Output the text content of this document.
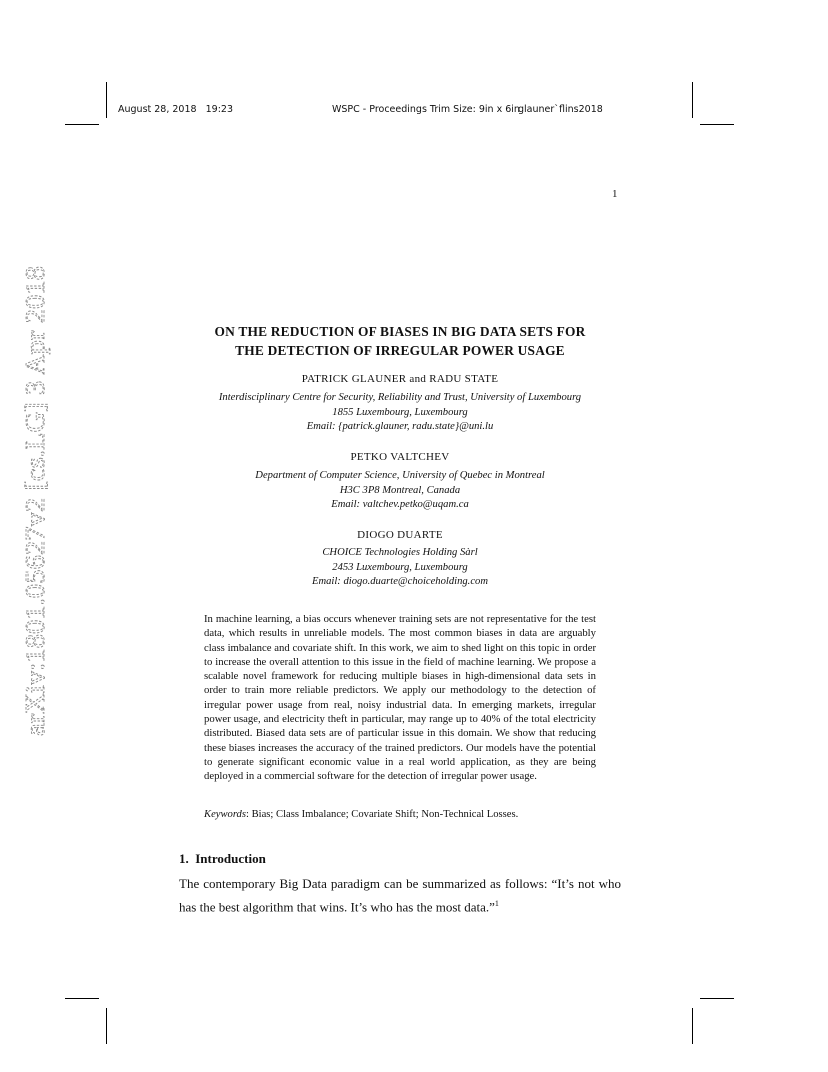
August 28, 2018 19:23	WSPC - Proceedings Trim Size: 9in x 6in
glauner`flins2018
1
arXiv:1801.05627v2 [cs.LG] 3 Apr 2018	ON THE REDUCTION OF BIASES IN BIG DATA SETS FOR
THE DETECTION OF IRREGULAR POWER USAGE
PATRICK GLAUNER and RADU STATE
Interdisciplinary Centre for Security, Reliability and Trust, University of Luxembourg
1855 Luxembourg, Luxembourg
Email: {patrick.glauner, radu.state}@uni.lu
PETKO VALTCHEV
Department of Computer Science, University of Quebec in Montreal
H3C 3P8 Montreal, Canada
Email: valtchev.petko@uqam.ca
DIOGO DUARTE
CHOICE Technologies Holding Sàrl
2453 Luxembourg, Luxembourg
Email: diogo.duarte@choiceholding.com

In machine learning, a bias occurs whenever training sets are not representative for the test data, which results in unreliable models. The most common biases in data are arguably class imbalance and covariate shift. In this work, we aim to shed light on this topic in order to increase the overall attention to this issue in the field of machine learning. We propose a scalable novel framework for reducing multiple biases in high-dimensional data sets in order to train more reliable predictors. We apply our methodology to the detection of irregular power usage from real, noisy industrial data. In emerging markets, irregular power usage, and electricity theft in particular, may range up to 40% of the total electricity distributed. Biased data sets are of particular issue in this domain. We show that reducing these biases increases the accuracy of the trained predictors. Our models have the potential to generate significant economic value in a real world application, as they are being deployed in a commercial software for the detection of irregular power usage.

Keywords: Bias; Class Imbalance; Covariate Shift; Non-Technical Losses.
1. Introduction
The contemporary Big Data paradigm can be summarized as follows: “It’s not who has the best algorithm that wins. It’s who has the most data.”$^1$
